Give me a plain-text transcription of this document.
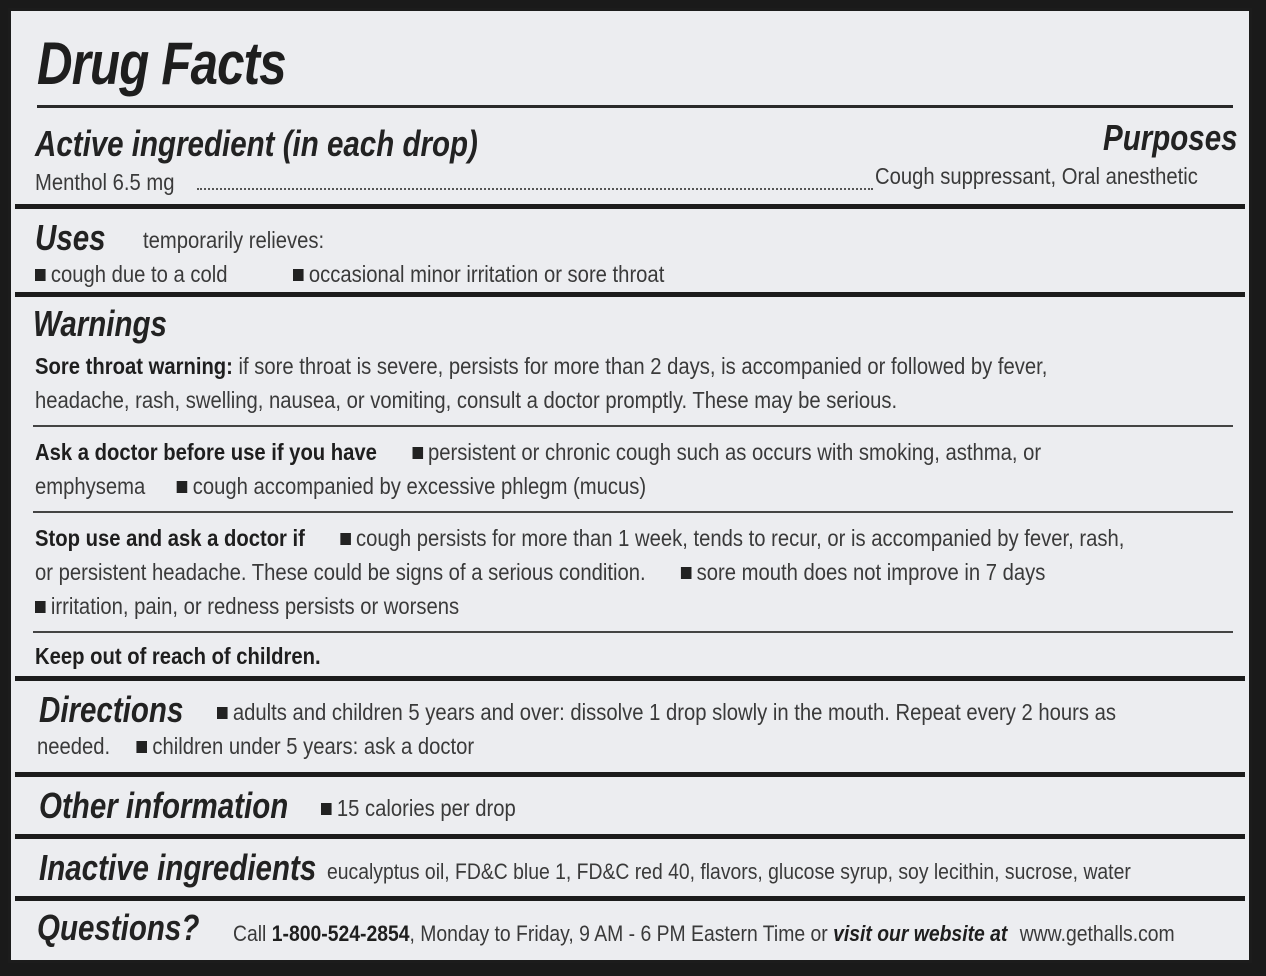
Drug Facts
Active ingredient (in each drop)	Purposes
Menthol 6.5 mg	Cough suppressant, Oral anesthetic
Uses temporarily relieves:
cough due to a cold	occasional minor irritation or sore throat
Warnings
Sore throat warning: if sore throat is severe, persists for more than 2 days, is accompanied or followed by fever,
headache, rash, swelling, nausea, or vomiting, consult a doctor promptly. These may be serious.
Ask a doctor before use if you have persistent or chronic cough such as occurs with smoking, asthma, or
emphysema cough accompanied by excessive phlegm (mucus)
Stop use and ask a doctor if cough persists for more than 1 week, tends to recur, or is accompanied by fever, rash,
or persistent headache. These could be signs of a serious condition. sore mouth does not improve in 7 days
irritation, pain, or redness persists or worsens
Keep out of reach of children.
Directions	adults and children 5 years and over: dissolve 1 drop slowly in the mouth. Repeat every 2 hours as
needed. children under 5 years: ask a doctor
Other information	15 calories per drop
Inactive ingredients eucalyptus oil, FD&C blue 1, FD&C red 40, flavors, glucose syrup, soy lecithin, sucrose, water
Questions? Call 1-800-524-2854, Monday to Friday, 9 AM - 6 PM Eastern Time or visit our website at www.gethalls.com
